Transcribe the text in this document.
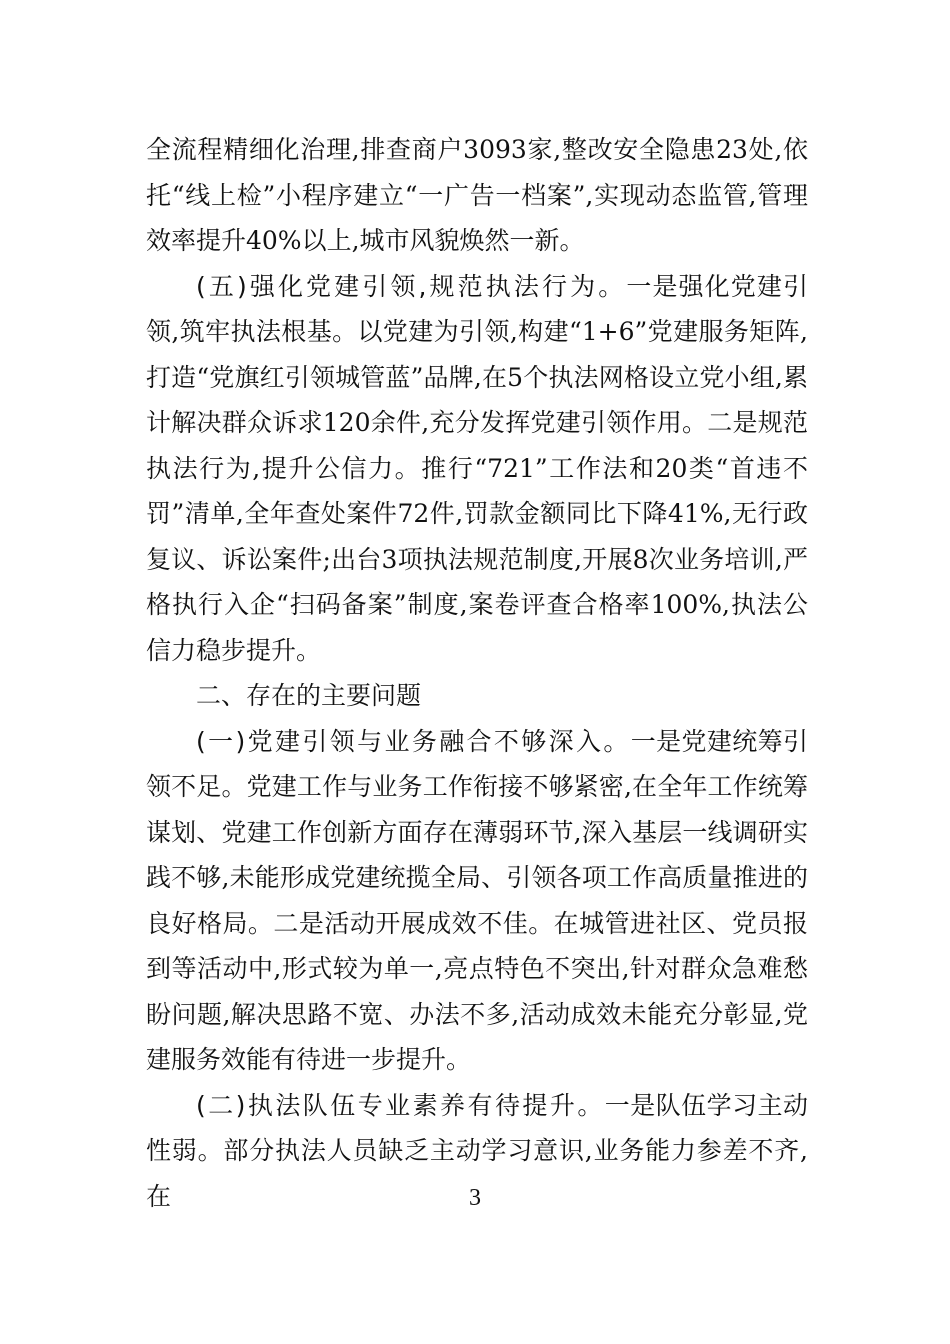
全流程精细化治理,排查商户3093家,整改安全隐患23处,依托“线上检”小程序建立“一广告一档案”,实现动态监管,管理效率提升40%以上,城市风貌焕然一新。

(五)强化党建引领,规范执法行为。一是强化党建引领,筑牢执法根基。以党建为引领,构建“1+6”党建服务矩阵,打造“党旗红引领城管蓝”品牌,在5个执法网格设立党小组,累计解决群众诉求120余件,充分发挥党建引领作用。二是规范执法行为,提升公信力。推行“721”工作法和20类“首违不罚”清单,全年查处案件72件,罚款金额同比下降41%,无行政复议、诉讼案件;出台3项执法规范制度,开展8次业务培训,严格执行入企“扫码备案”制度,案卷评查合格率100%,执法公信力稳步提升。

二、存在的主要问题

(一)党建引领与业务融合不够深入。一是党建统筹引领不足。党建工作与业务工作衔接不够紧密,在全年工作统筹谋划、党建工作创新方面存在薄弱环节,深入基层一线调研实践不够,未能形成党建统揽全局、引领各项工作高质量推进的良好格局。二是活动开展成效不佳。在城管进社区、党员报到等活动中,形式较为单一,亮点特色不突出,针对群众急难愁盼问题,解决思路不宽、办法不多,活动成效未能充分彰显,党建服务效能有待进一步提升。

(二)执法队伍专业素养有待提升。一是队伍学习主动性弱。部分执法人员缺乏主动学习意识,业务能力参差不齐,在	3
